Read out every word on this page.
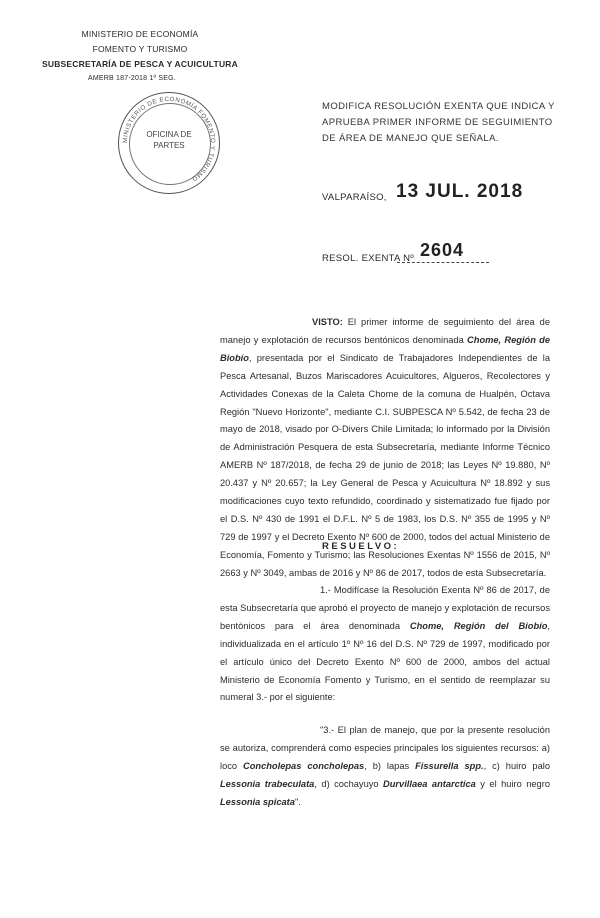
MINISTERIO DE ECONOMÍA
FOMENTO Y TURISMO
SUBSECRETARÍA DE PESCA Y ACUICULTURA
AMERB 187-2018 1º SEG.
MINISTERIO DE ECONOMÍA FOMENTO Y TURISMO
OFICINA DE
PARTES
MODIFICA RESOLUCIÓN EXENTA QUE INDICA Y APRUEBA PRIMER INFORME DE SEGUIMIENTO DE ÁREA DE MANEJO QUE SEÑALA.
VALPARAÍSO, 13 JUL. 2018
RESOL. EXENTA Nº 2604
VISTO: El primer informe de seguimiento del área de manejo y explotación de recursos bentónicos denominada Chome, Región de Biobío, presentada por el Sindicato de Trabajadores Independientes de la Pesca Artesanal, Buzos Mariscadores Acuicultores, Algueros, Recolectores y Actividades Conexas de la Caleta Chome de la comuna de Hualpén, Octava Región "Nuevo Horizonte", mediante C.I. SUBPESCA Nº 5.542, de fecha 23 de mayo de 2018, visado por O-Divers Chile Limitada; lo informado por la División de Administración Pesquera de esta Subsecretaría, mediante Informe Técnico AMERB Nº 187/2018, de fecha 29 de junio de 2018; las Leyes Nº 19.880, Nº 20.437 y Nº 20.657; la Ley General de Pesca y Acuicultura Nº 18.892 y sus modificaciones cuyo texto refundido, coordinado y sistematizado fue fijado por el D.S. Nº 430 de 1991 el D.F.L. Nº 5 de 1983, los D.S. Nº 355 de 1995 y Nº 729 de 1997 y el Decreto Exento Nº 600 de 2000, todos del actual Ministerio de Economía, Fomento y Turismo; las Resoluciones Exentas Nº 1556 de 2015, Nº 2663 y Nº 3049, ambas de 2016 y Nº 86 de 2017, todos de esta Subsecretaría.
RESUELVO:
1.- Modifícase la Resolución Exenta Nº 86 de 2017, de esta Subsecretaría que aprobó el proyecto de manejo y explotación de recursos bentónicos para el área denominada Chome, Región del Biobío, individualizada en el artículo 1º Nº 16 del D.S. Nº 729 de 1997, modificado por el artículo único del Decreto Exento Nº 600 de 2000, ambos del actual Ministerio de Economía Fomento y Turismo, en el sentido de reemplazar su numeral 3.- por el siguiente:
"3.- El plan de manejo, que por la presente resolución se autoriza, comprenderá como especies principales los siguientes recursos: a) loco Concholepas concholepas, b) lapas Fissurella spp., c) huiro palo Lessonia trabeculata, d) cochayuyo Durvillaea antarctica y el huiro negro Lessonia spicata".
